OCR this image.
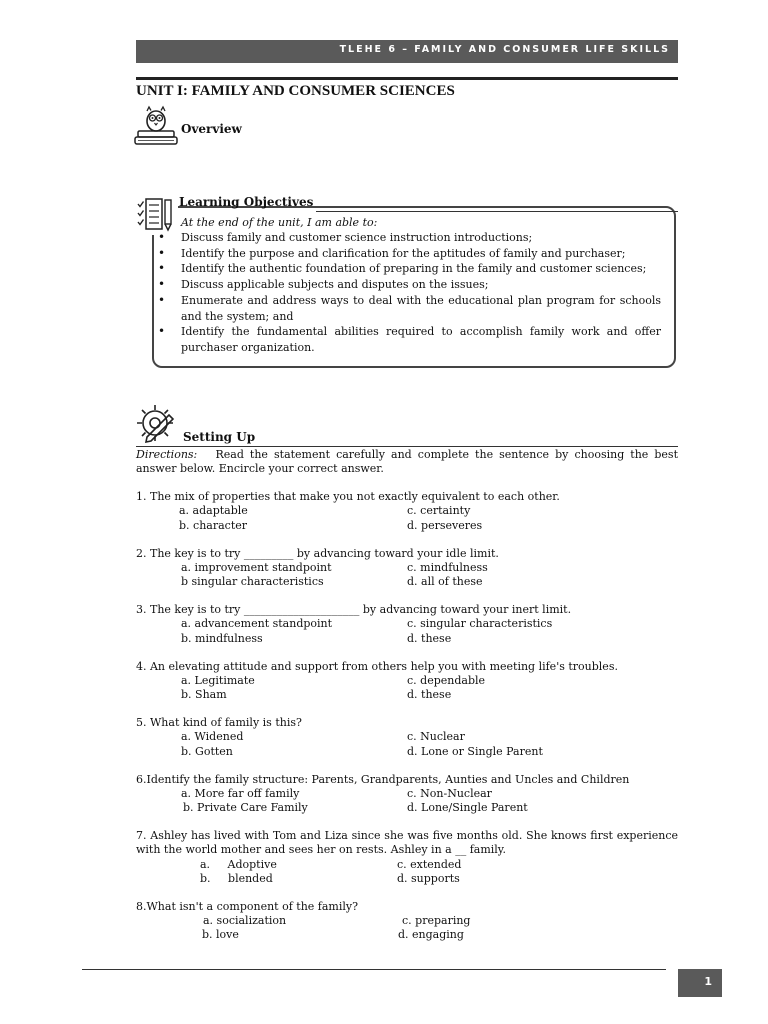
TLEHE 6 – FAMILY AND CONSUMER LIFE SKILLS
UNIT I: FAMILY AND CONSUMER SCIENCES
Overview
Learning Objectives
At the end of the unit, I am able to:
• Discuss family and customer science instruction introductions;
• Identify the purpose and clarification for the aptitudes of family and purchaser;
• Identify the authentic foundation of preparing in the family and customer sciences;
• Discuss applicable subjects and disputes on the issues;
• Enumerate and address ways to deal with the educational plan program for schools and the system; and
• Identify the fundamental abilities required to accomplish family work and offer purchaser organization.
Setting Up
Directions: Read the statement carefully and complete the sentence by choosing the best answer below. Encircle your correct answer.
1. The mix of properties that make you not exactly equivalent to each other.
a. adaptable	c. certainty
b. character	d. perseveres
2. The key is to try _________ by advancing toward your idle limit.
a. improvement standpoint	c. mindfulness
b singular characteristics	d. all of these
3. The key is to try _____________________ by advancing toward your inert limit.
a. advancement standpoint	c. singular characteristics
b. mindfulness	d. these
4. An elevating attitude and support from others help you with meeting life's troubles.
a. Legitimate	c. dependable
b. Sham	d. these
5. What kind of family is this?
a. Widened	c. Nuclear
b. Gotten	d. Lone or Single Parent
6.Identify the family structure: Parents, Grandparents, Aunties and Uncles and Children
a. More far off family	c. Non-Nuclear
b. Private Care Family	d. Lone/Single Parent
7. Ashley has lived with Tom and Liza since she was five months old. She knows first experience with the world mother and sees her on rests. Ashley in a __ family.
a.     Adoptive	c. extended
b.     blended	d. supports
8.What isn't a component of the family?
a. socialization	c. preparing
b. love	d. engaging
1
